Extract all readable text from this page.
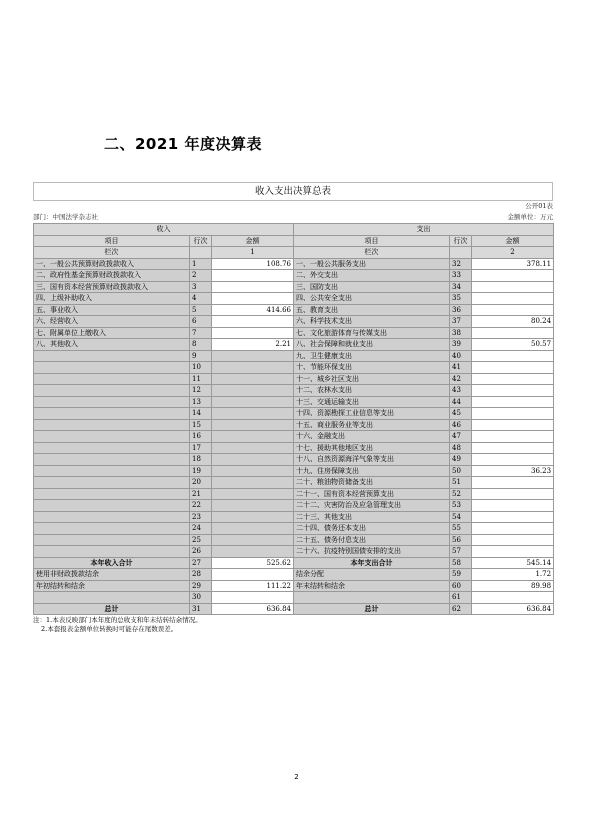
二、2021 年度决算表
收入支出决算总表
公开01表
部门：中国法学杂志社	金额单位：万元
收入			支出		
项目	行次	金额	项目	行次	金额
栏次		1	栏次		2
一、一般公共预算财政拨款收入	1	108.76	一、一般公共服务支出	32	378.11
二、政府性基金预算财政拨款收入	2		二、外交支出	33	
三、国有资本经营预算财政拨款收入	3		三、国防支出	34	
四、上级补助收入	4		四、公共安全支出	35	
五、事业收入	5	414.66	五、教育支出	36	
六、经营收入	6		六、科学技术支出	37	80.24
七、附属单位上缴收入	7		七、文化旅游体育与传媒支出	38	
八、其他收入	8	2.21	八、社会保障和就业支出	39	50.57
	9		九、卫生健康支出	40	
	10		十、节能环保支出	41	
	11		十一、城乡社区支出	42	
	12		十二、农林水支出	43	
	13		十三、交通运输支出	44	
	14		十四、资源勘探工业信息等支出	45	
	15		十五、商业服务业等支出	46	
	16		十六、金融支出	47	
	17		十七、援助其他地区支出	48	
	18		十八、自然资源海洋气象等支出	49	
	19		十九、住房保障支出	50	36.23
	20		二十、粮油物资储备支出	51	
	21		二十一、国有资本经营预算支出	52	
	22		二十二、灾害防治及应急管理支出	53	
	23		二十三、其他支出	54	
	24		二十四、债务还本支出	55	
	25		二十五、债务付息支出	56	
	26		二十六、抗疫特别国债安排的支出	57	
本年收入合计	27	525.62	本年支出合计	58	545.14
使用非财政拨款结余	28		结余分配	59	1.72
年初结转和结余	29	111.22	年末结转和结余	60	89.98
	30			61	
总计	31	636.84	总计	62	636.84
注：1.本表反映部门本年度的总收支和年末结转结余情况。
2.本套报表金额单位转换时可能存在尾数误差。
2
